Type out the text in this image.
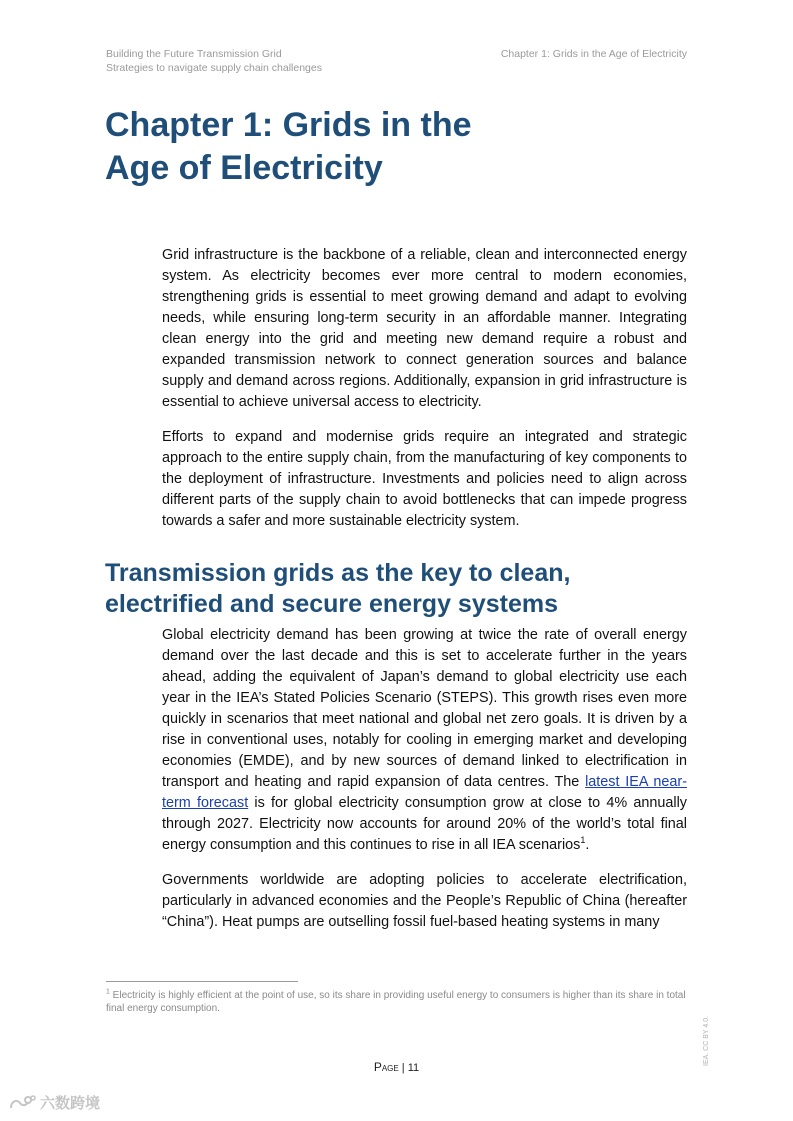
Building the Future Transmission Grid
Strategies to navigate supply chain challenges
Chapter 1: Grids in the Age of Electricity
Chapter 1: Grids in the
Age of Electricity

Grid infrastructure is the backbone of a reliable, clean and interconnected energy system. As electricity becomes ever more central to modern economies, strengthening grids is essential to meet growing demand and adapt to evolving needs, while ensuring long-term security in an affordable manner. Integrating clean energy into the grid and meeting new demand require a robust and expanded transmission network to connect generation sources and balance supply and demand across regions. Additionally, expansion in grid infrastructure is essential to achieve universal access to electricity.

Efforts to expand and modernise grids require an integrated and strategic approach to the entire supply chain, from the manufacturing of key components to the deployment of infrastructure. Investments and policies need to align across different parts of the supply chain to avoid bottlenecks that can impede progress towards a safer and more sustainable electricity system.

Transmission grids as the key to clean,
electrified and secure energy systems

Global electricity demand has been growing at twice the rate of overall energy demand over the last decade and this is set to accelerate further in the years ahead, adding the equivalent of Japan’s demand to global electricity use each year in the IEA’s Stated Policies Scenario (STEPS). This growth rises even more quickly in scenarios that meet national and global net zero goals. It is driven by a rise in conventional uses, notably for cooling in emerging market and developing economies (EMDE), and by new sources of demand linked to electrification in transport and heating and rapid expansion of data centres. The latest IEA near-term forecast is for global electricity consumption grow at close to 4% annually through 2027. Electricity now accounts for around 20% of the world’s total final energy consumption and this continues to rise in all IEA scenarios$^1$.

Governments worldwide are adopting policies to accelerate electrification, particularly in advanced economies and the People’s Republic of China (hereafter “China”). Heat pumps are outselling fossil fuel-based heating systems in many

$^1$ Electricity is highly efficient at the point of use, so its share in providing useful energy to consumers is higher than its share in total final energy consumption.
IEA. CC BY 4.0.
Page | 11
六数跨境
